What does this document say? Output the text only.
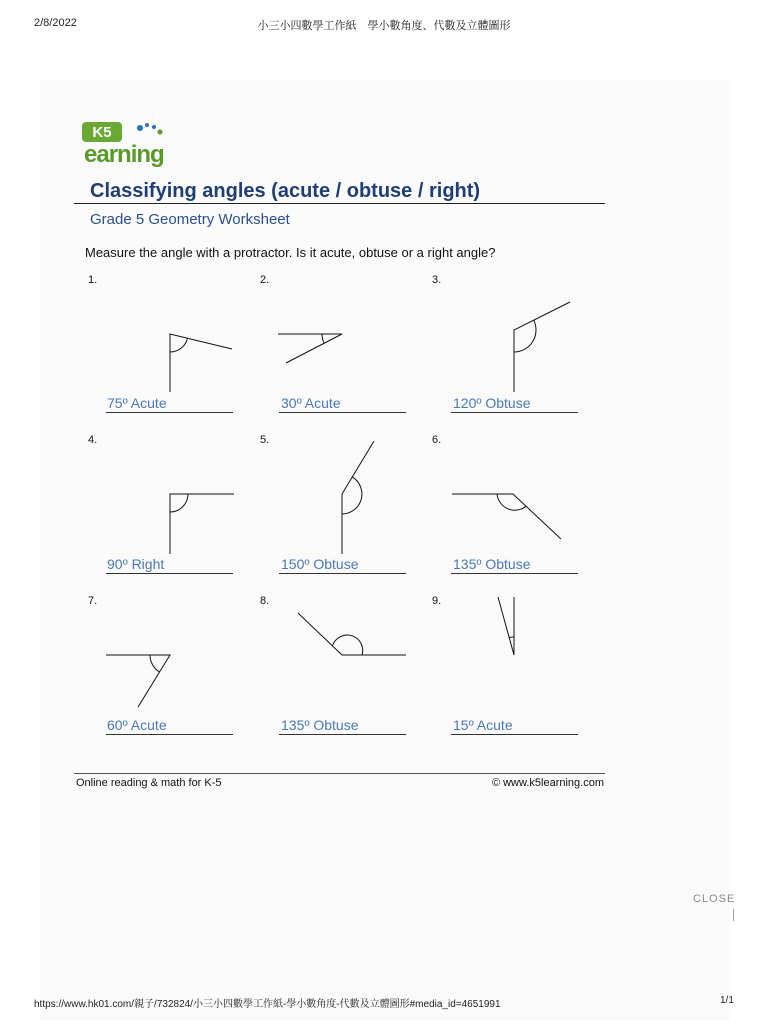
2/8/2022	小三小四數學工作紙　學小數角度、代數及立體圖形
K5
earning
Classifying angles (acute / obtuse / right)
Grade 5 Geometry Worksheet
Measure the angle with a protractor. Is it acute, obtuse or a right angle?
1.	2.	3.
4.	5.	6.
7.	8.	9.
75º Acute	30º Acute	120º Obtuse
90º Right	150º Obtuse	135º Obtuse
60º Acute	135º Obtuse	15º Acute
Online reading & math for K-5	© www.k5learning.com
CLOSE
https://www.hk01.com/親子/732824/小三小四數學工作紙-學小數角度-代數及立體圖形#media_id=4651991	1/1
